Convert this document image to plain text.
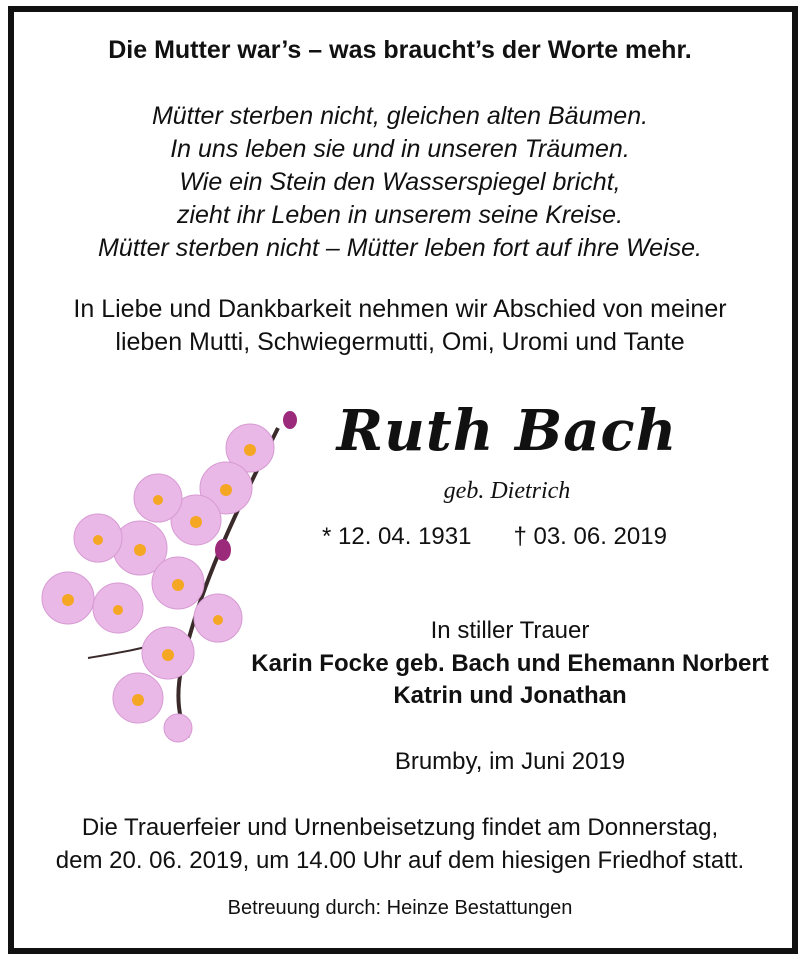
Die Mutter war’s – was braucht’s der Worte mehr.
Mütter sterben nicht, gleichen alten Bäumen.
In uns leben sie und in unseren Träumen.
Wie ein Stein den Wasserspiegel bricht,
zieht ihr Leben in unserem seine Kreise.
Mütter sterben nicht – Mütter leben fort auf ihre Weise.
In Liebe und Dankbarkeit nehmen wir Abschied von meiner
lieben Mutti, Schwiegermutti, Omi, Uromi und Tante
Ruth Bach
geb. Dietrich
* 12. 04. 1931 † 03. 06. 2019
In stiller Trauer
Karin Focke geb. Bach und Ehemann Norbert
Katrin und Jonathan
Brumby, im Juni 2019
Die Trauerfeier und Urnenbeisetzung findet am Donnerstag,
dem 20. 06. 2019, um 14.00 Uhr auf dem hiesigen Friedhof statt.
Betreuung durch: Heinze Bestattungen
